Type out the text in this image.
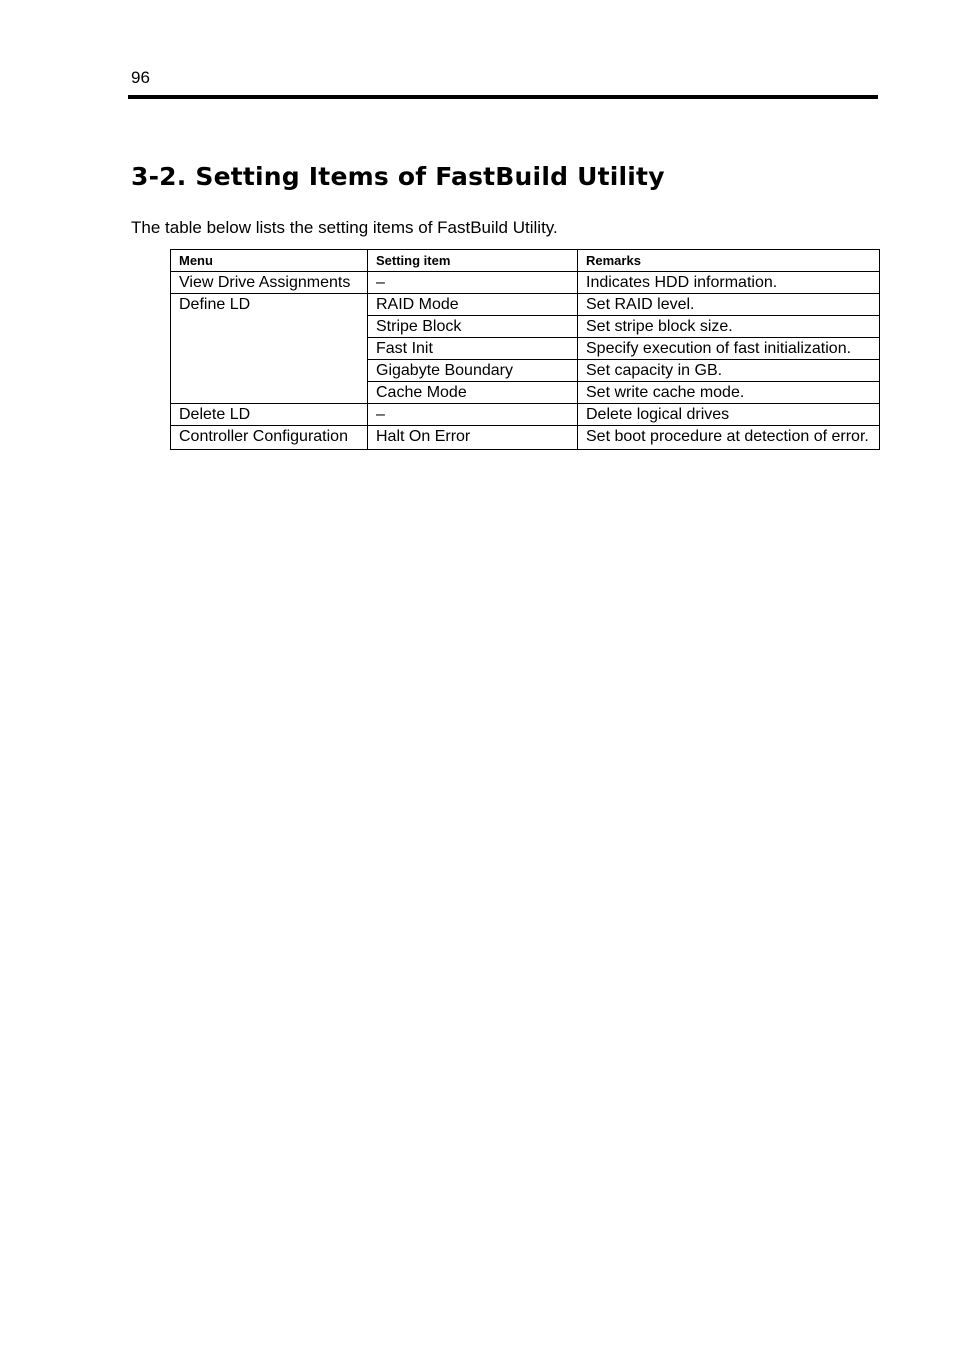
96
3-2. Setting Items of FastBuild Utility

The table below lists the setting items of FastBuild Utility.

Menu	Setting item	Remarks
View Drive Assignments	–	Indicates HDD information.
Define LD	RAID Mode	Set RAID level.
	Stripe Block	Set stripe block size.
	Fast Init	Specify execution of fast initialization.
	Gigabyte Boundary	Set capacity in GB.
	Cache Mode	Set write cache mode.
Delete LD	–	Delete logical drives
Controller Configuration	Halt On Error	Set boot procedure at detection of error.
